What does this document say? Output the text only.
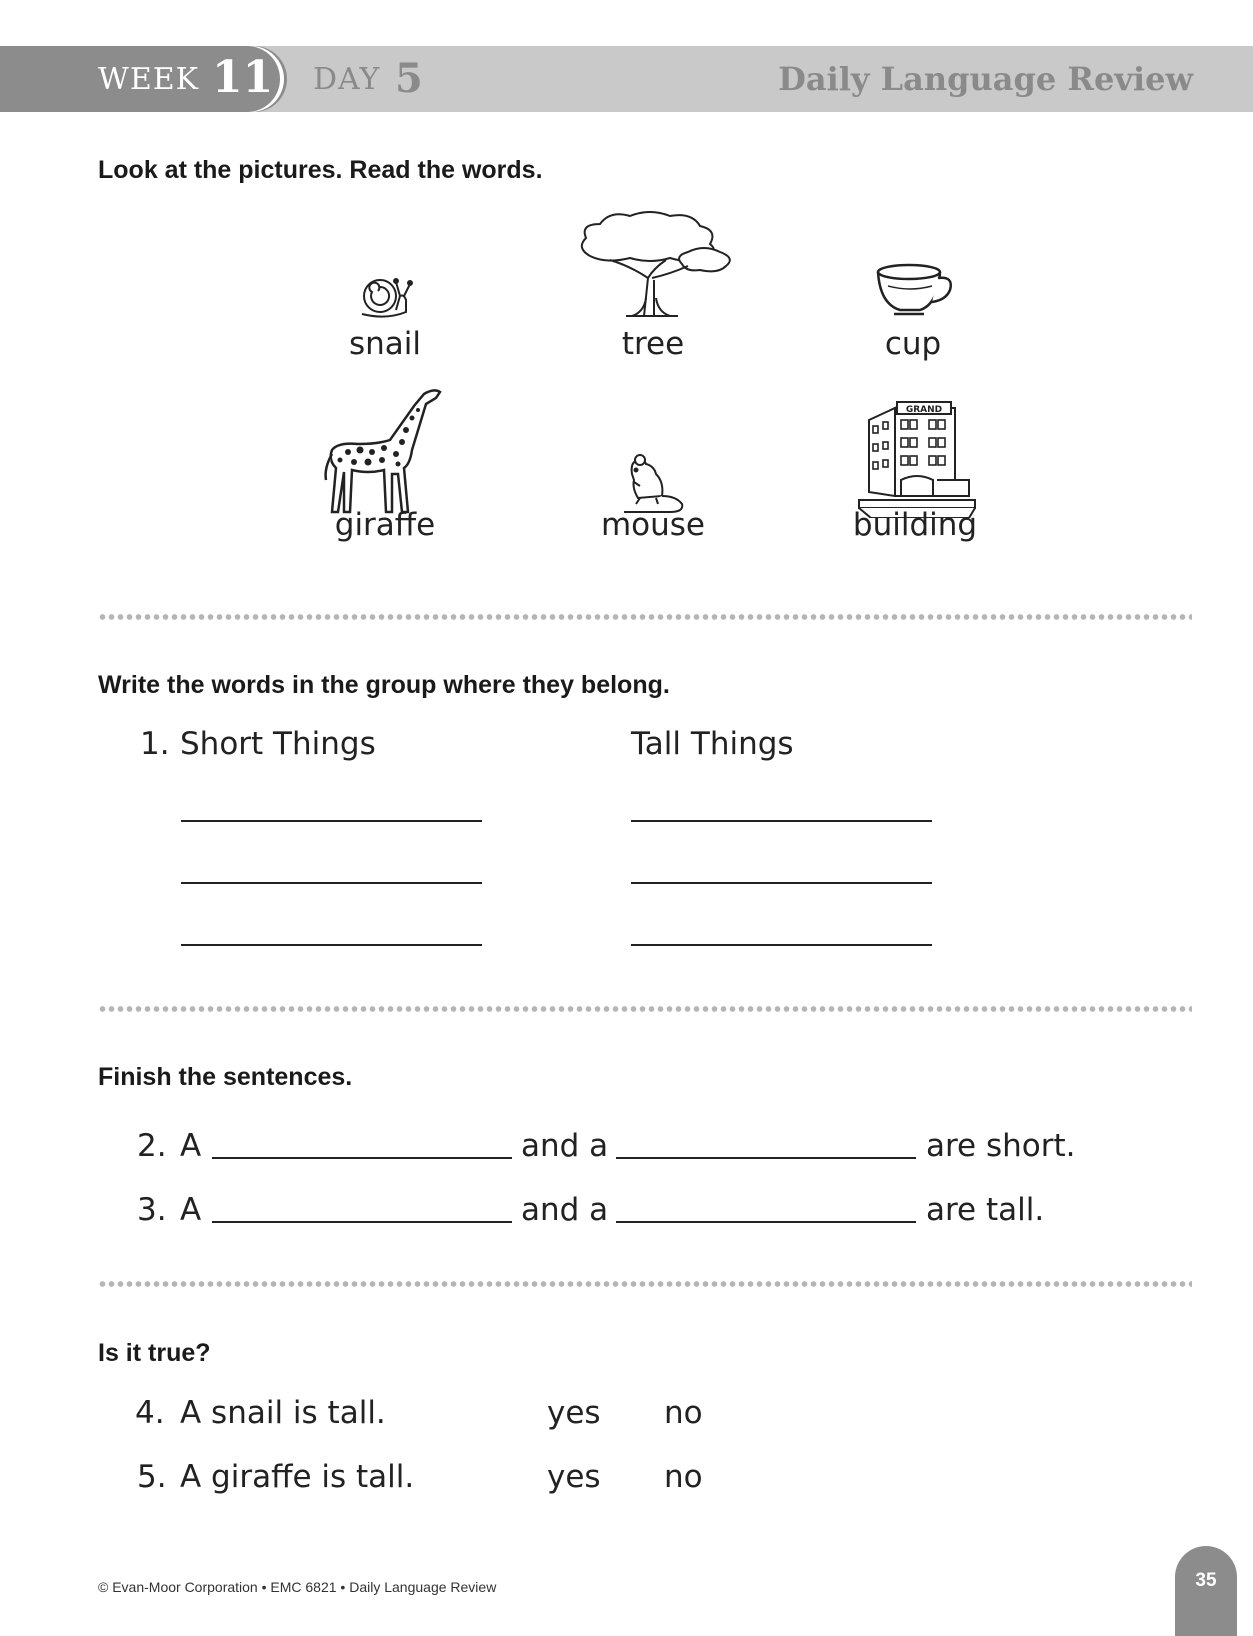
WEEK 11 DAY 5	Daily Language Review
Look at the pictures. Read the words.
snail	tree	cup
giraffe	mouse
GRAND
building
Write the words in the group where they belong.
1. Short Things	Tall Things
Finish the sentences.
2. A	and a	are short.
3. A	and a	are tall.
Is it true?
4. A snail is tall.	yes no
5. A giraffe is tall.	yes no
© Evan-Moor Corporation • EMC 6821 • Daily Language Review	35
